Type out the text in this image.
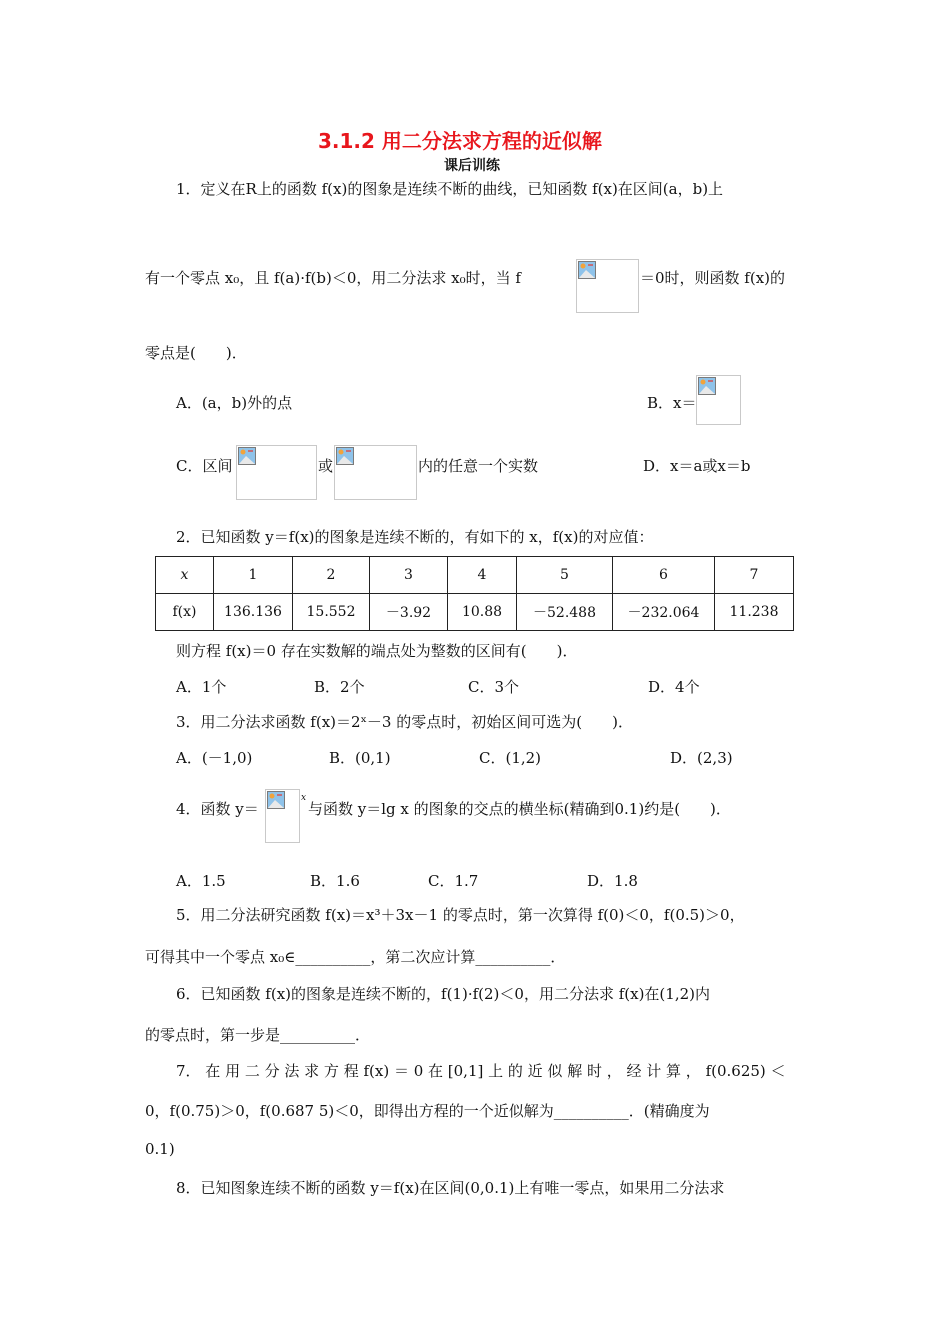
3.1.2 用二分法求方程的近似解
课后训练
1．定义在R上的函数 f(x)的图象是连续不断的曲线，已知函数 f(x)在区间(a，b)上
有一个零点 x₀，且 f(a)·f(b)＜0，用二分法求 x₀时，当 f	＝0时，则函数 f(x)的
零点是(　　)．
A．(a，b)外的点	B．x＝
C．区间	或	内的任意一个实数	D．x＝a或x＝b
2．已知函数 y＝f(x)的图象是连续不断的，有如下的 x，f(x)的对应值：
x	1	2	3	4	5	6	7
f(x)	136.136	15.552	－3.92	10.88	－52.488	－232.064	11.238
则方程 f(x)＝0 存在实数解的端点处为整数的区间有(　　)．
A．1个	B．2个	C．3个	D．4个
3．用二分法求函数 f(x)＝2ˣ－3 的零点时，初始区间可选为(　　)．
A．(－1,0)	B．(0,1)	C．(1,2)	D．(2,3)
4．函数 y＝
x
与函数 y＝lg x 的图象的交点的横坐标(精确到0.1)约是(　　)．
A．1.5	B．1.6	C．1.7	D．1.8
5．用二分法研究函数 f(x)＝x³＋3x－1 的零点时，第一次算得 f(0)＜0，f(0.5)＞0，
可得其中一个零点 x₀∈__________，第二次应计算__________．
6．已知函数 f(x)的图象是连续不断的，f(1)·f(2)＜0，用二分法求 f(x)在(1,2)内
的零点时，第一步是__________．
7． 在 用 二 分 法 求 方 程 f(x) ＝ 0 在 [0,1] 上 的 近 似 解 时 ， 经 计 算 ， f(0.625) ＜
0，f(0.75)＞0，f(0.687 5)＜0，即得出方程的一个近似解为__________．(精确度为
0.1)
8．已知图象连续不断的函数 y＝f(x)在区间(0,0.1)上有唯一零点，如果用二分法求
